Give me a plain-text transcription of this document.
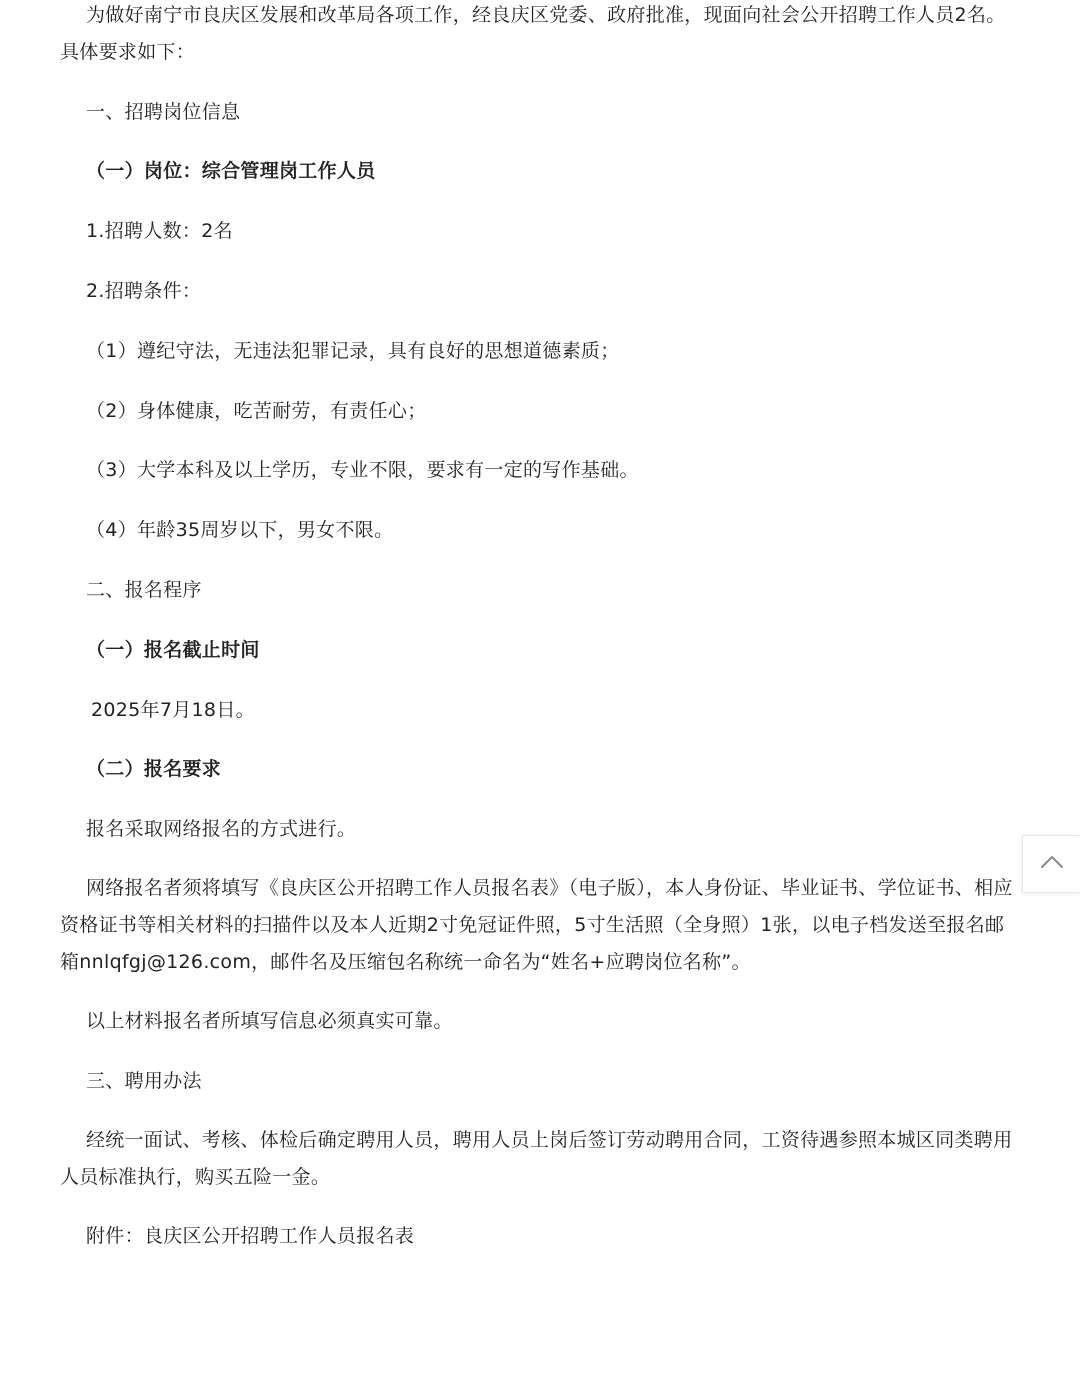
为做好南宁市良庆区发展和改革局各项工作，经良庆区党委、政府批准，现面向社会公开招聘工作人员2名。具体要求如下：

一、招聘岗位信息

（一）岗位：综合管理岗工作人员

1.招聘人数：2名

2.招聘条件：

（1）遵纪守法，无违法犯罪记录，具有良好的思想道德素质；

（2）身体健康，吃苦耐劳，有责任心；

（3）大学本科及以上学历，专业不限，要求有一定的写作基础。

（4）年龄35周岁以下，男女不限。

二、报名程序

（一）报名截止时间

2025年7月18日。

（二）报名要求

报名采取网络报名的方式进行。

网络报名者须将填写《良庆区公开招聘工作人员报名表》（电子版），本人身份证、毕业证书、学位证书、相应资格证书等相关材料的扫描件以及本人近期2寸免冠证件照，5寸生活照（全身照）1张，以电子档发送至报名邮箱nnlqfgj@126.com，邮件名及压缩包名称统一命名为“姓名+应聘岗位名称”。

以上材料报名者所填写信息必须真实可靠。

三、聘用办法

经统一面试、考核、体检后确定聘用人员，聘用人员上岗后签订劳动聘用合同，工资待遇参照本城区同类聘用人员标准执行，购买五险一金。

附件：良庆区公开招聘工作人员报名表
